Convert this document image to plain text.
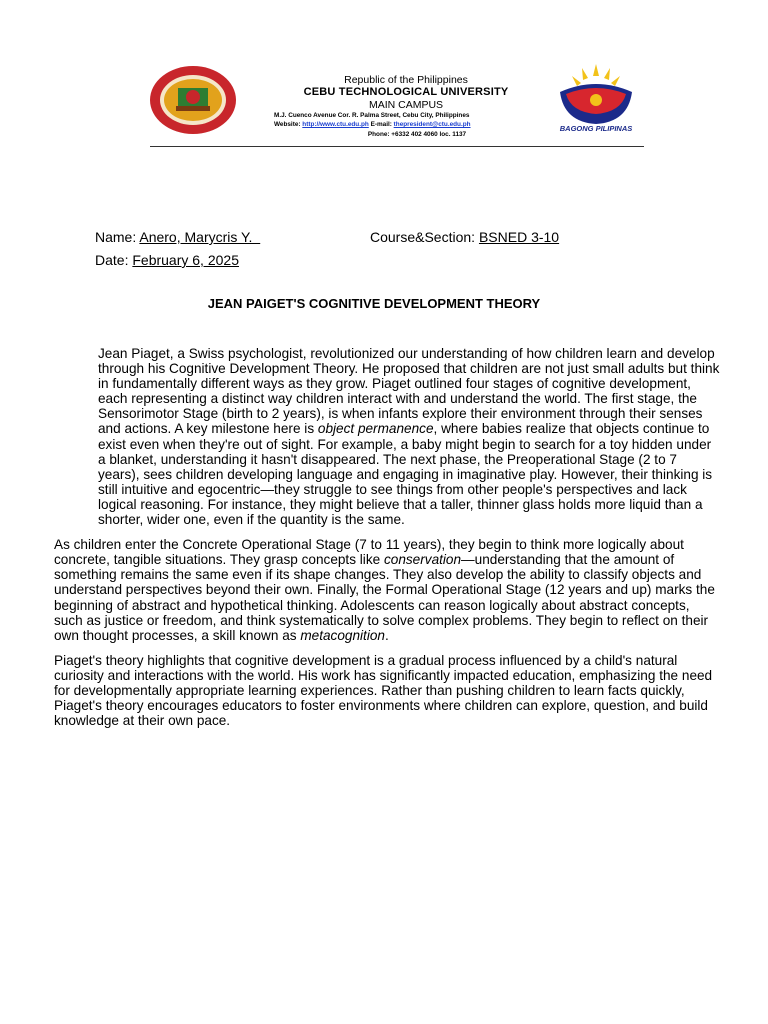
Republic of the Philippines
CEBU TECHNOLOGICAL UNIVERSITY
MAIN CAMPUS
M.J. Cuenco Avenue Cor. R. Palma Street, Cebu City, Philippines
Website: http://www.ctu.edu.ph E-mail: thepresident@ctu.edu.ph
Phone: +6332 402 4060 loc. 1137
BAGONG PILIPINAS
Name: Anero, Marycris Y.	Course&Section: BSNED 3-10
Date: February 6, 2025
JEAN PAIGET'S COGNITIVE DEVELOPMENT THEORY

Jean Piaget, a Swiss psychologist, revolutionized our understanding of how children learn and develop through his Cognitive Development Theory. He proposed that children are not just small adults but think in fundamentally different ways as they grow. Piaget outlined four stages of cognitive development, each representing a distinct way children interact with and understand the world. The first stage, the Sensorimotor Stage (birth to 2 years), is when infants explore their environment through their senses and actions. A key milestone here is object permanence, where babies realize that objects continue to exist even when they're out of sight. For example, a baby might begin to search for a toy hidden under a blanket, understanding it hasn't disappeared. The next phase, the Preoperational Stage (2 to 7 years), sees children developing language and engaging in imaginative play. However, their thinking is still intuitive and egocentric—they struggle to see things from other people's perspectives and lack logical reasoning. For instance, they might believe that a taller, thinner glass holds more liquid than a shorter, wider one, even if the quantity is the same.

As children enter the Concrete Operational Stage (7 to 11 years), they begin to think more logically about concrete, tangible situations. They grasp concepts like conservation—understanding that the amount of something remains the same even if its shape changes. They also develop the ability to classify objects and understand perspectives beyond their own. Finally, the Formal Operational Stage (12 years and up) marks the beginning of abstract and hypothetical thinking. Adolescents can reason logically about abstract concepts, such as justice or freedom, and think systematically to solve complex problems. They begin to reflect on their own thought processes, a skill known as metacognition.

Piaget's theory highlights that cognitive development is a gradual process influenced by a child's natural curiosity and interactions with the world. His work has significantly impacted education, emphasizing the need for developmentally appropriate learning experiences. Rather than pushing children to learn facts quickly, Piaget's theory encourages educators to foster environments where children can explore, question, and build knowledge at their own pace.
